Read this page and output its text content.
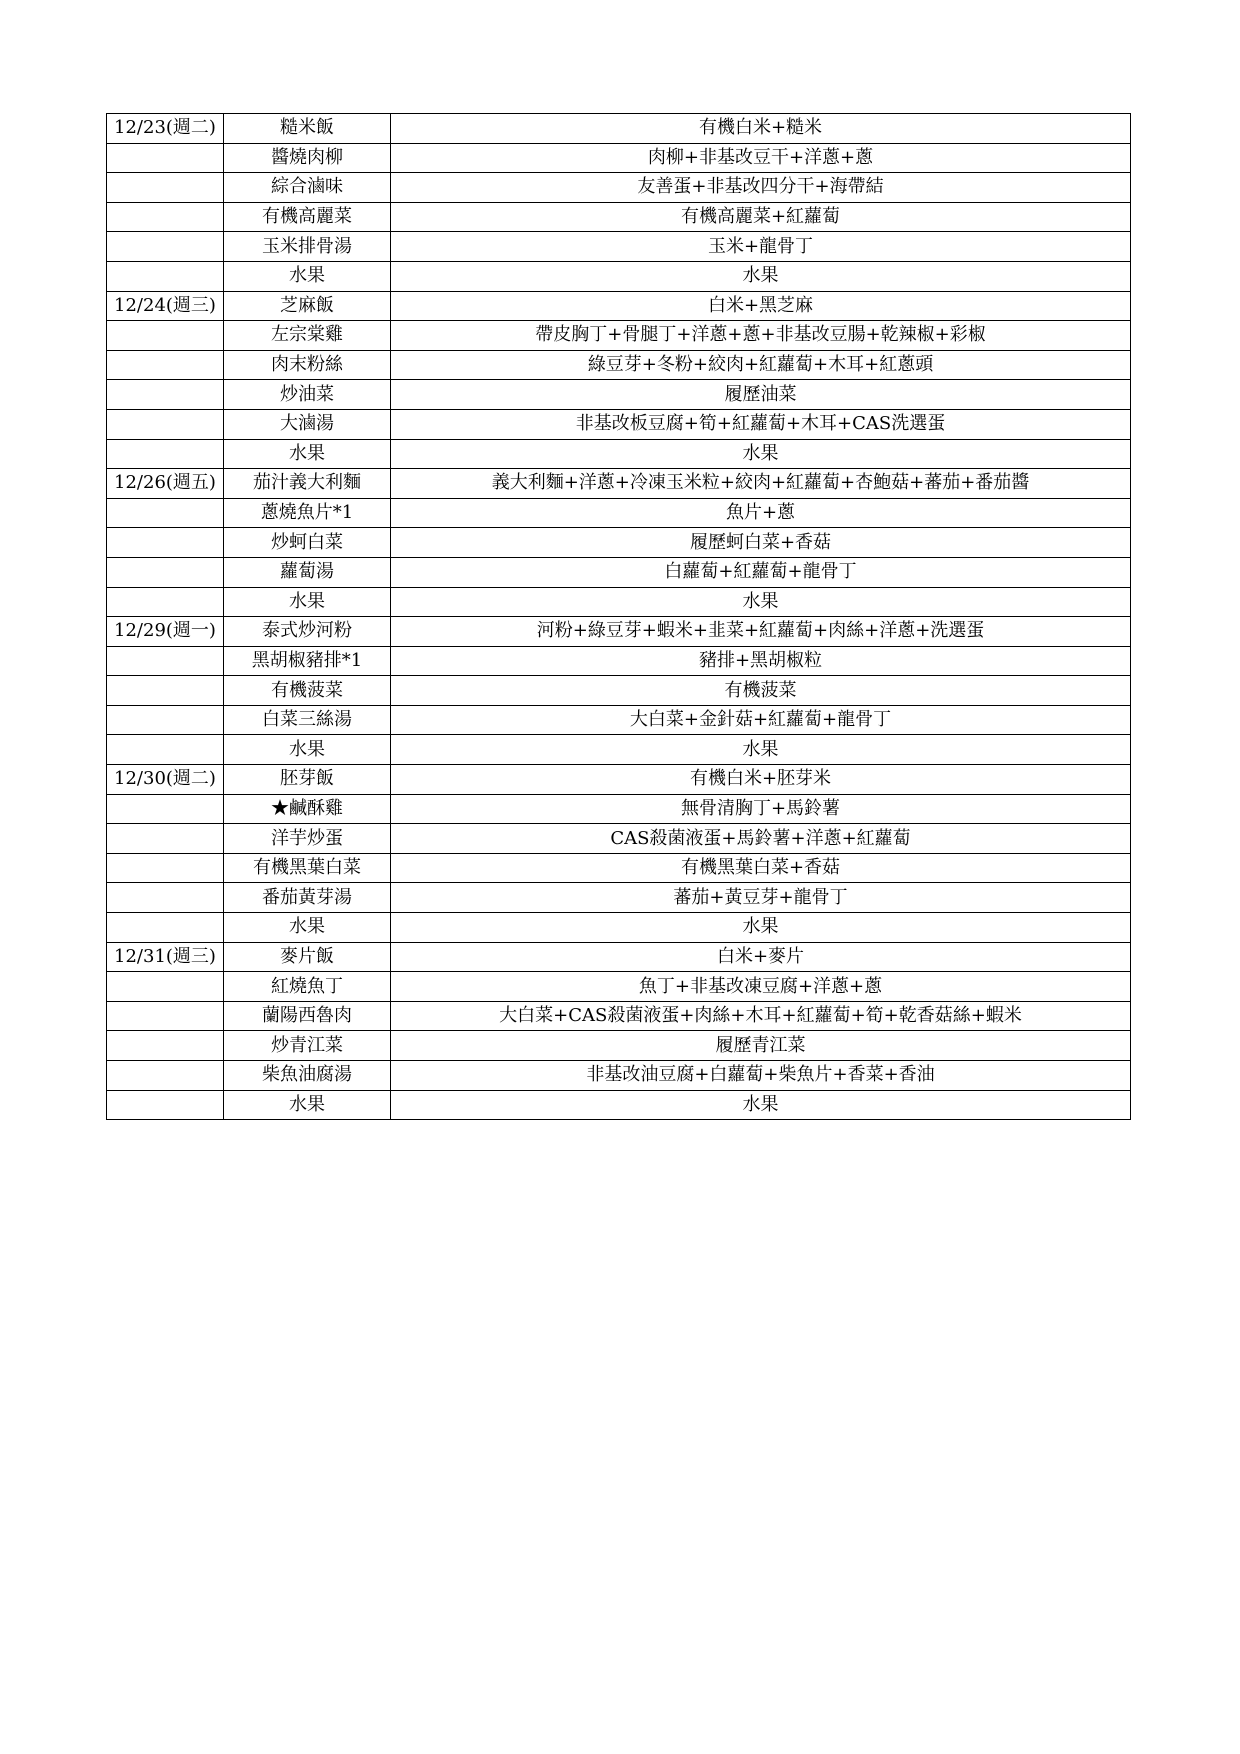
12/23(週二)	糙米飯	有機白米+糙米
	醬燒肉柳	肉柳+非基改豆干+洋蔥+蔥
	綜合滷味	友善蛋+非基改四分干+海帶結
	有機高麗菜	有機高麗菜+紅蘿蔔
	玉米排骨湯	玉米+龍骨丁
	水果	水果
12/24(週三)	芝麻飯	白米+黑芝麻
	左宗棠雞	帶皮胸丁+骨腿丁+洋蔥+蔥+非基改豆腸+乾辣椒+彩椒
	肉末粉絲	綠豆芽+冬粉+絞肉+紅蘿蔔+木耳+紅蔥頭
	炒油菜	履歷油菜
	大滷湯	非基改板豆腐+筍+紅蘿蔔+木耳+CAS洗選蛋
	水果	水果
12/26(週五)	茄汁義大利麵	義大利麵+洋蔥+冷凍玉米粒+絞肉+紅蘿蔔+杏鮑菇+蕃茄+番茄醬
	蔥燒魚片*1	魚片+蔥
	炒蚵白菜	履歷蚵白菜+香菇
	蘿蔔湯	白蘿蔔+紅蘿蔔+龍骨丁
	水果	水果
12/29(週一)	泰式炒河粉	河粉+綠豆芽+蝦米+韭菜+紅蘿蔔+肉絲+洋蔥+洗選蛋
	黑胡椒豬排*1	豬排+黑胡椒粒
	有機菠菜	有機菠菜
	白菜三絲湯	大白菜+金針菇+紅蘿蔔+龍骨丁
	水果	水果
12/30(週二)	胚芽飯	有機白米+胚芽米
	★鹹酥雞	無骨清胸丁+馬鈴薯
	洋芋炒蛋	CAS殺菌液蛋+馬鈴薯+洋蔥+紅蘿蔔
	有機黑葉白菜	有機黑葉白菜+香菇
	番茄黃芽湯	蕃茄+黃豆芽+龍骨丁
	水果	水果
12/31(週三)	麥片飯	白米+麥片
	紅燒魚丁	魚丁+非基改凍豆腐+洋蔥+蔥
	蘭陽西魯肉	大白菜+CAS殺菌液蛋+肉絲+木耳+紅蘿蔔+筍+乾香菇絲+蝦米
	炒青江菜	履歷青江菜
	柴魚油腐湯	非基改油豆腐+白蘿蔔+柴魚片+香菜+香油
	水果	水果
